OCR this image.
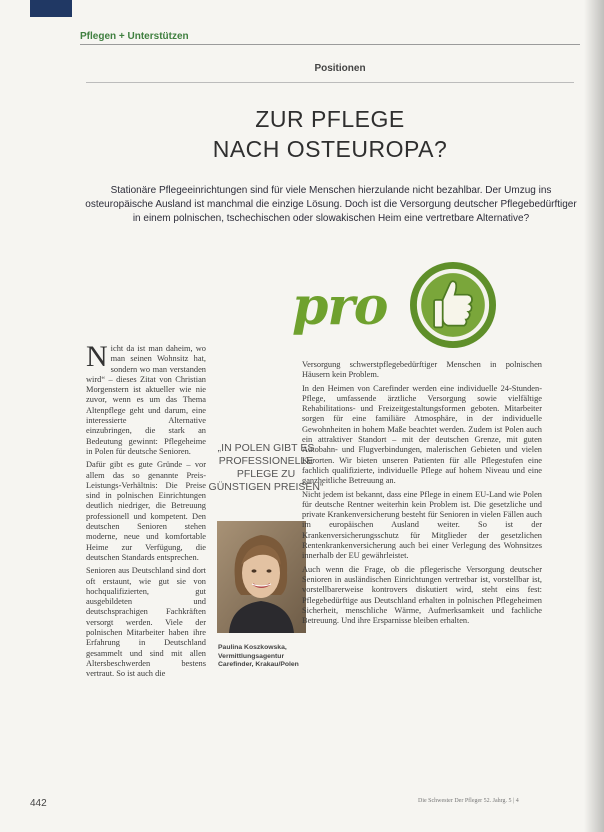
Pflegen + Unterstützen
Positionen
ZUR PFLEGE
NACH OSTEUROPA?
Stationäre Pflegeeinrichtungen sind für viele Menschen hierzulande nicht bezahlbar. Der Umzug ins osteuropäische Ausland ist manchmal die einzige Lösung. Doch ist die Versorgung deutscher Pflegebedürftiger in einem polnischen, tschechischen oder slowakischen Heim eine vertretbare Alternative?
pro

Nicht da ist man daheim, wo man seinen Wohnsitz hat, sondern wo man verstanden wird“ – dieses Zitat von Christian Morgenstern ist aktueller wie nie zuvor, wenn es um das Thema Altenpflege geht und darum, eine interessierte Alternative einzubringen, die stark an Bedeutung gewinnt: Pflegeheime in Polen für deutsche Senioren.

Dafür gibt es gute Gründe – vor allem das so genannte Preis-Leistungs-Verhältnis: Die Preise sind in polnischen Einrichtungen deutlich niedriger, die Betreuung professionell und kompetent. Den deutschen Senioren stehen moderne, neue und komfortable Heime zur Verfügung, die deutschen Standards entsprechen.

Senioren aus Deutschland sind dort oft erstaunt, wie gut sie von hochqualifizierten, gut ausgebildeten und deutschsprachigen Fachkräften versorgt werden. Viele der polnischen Mitarbeiter haben ihre Erfahrung in Deutschland gesammelt und sind mit allen Altersbeschwerden bestens vertraut. So ist auch die

„IN POLEN GIBT ES
PROFESSIONELLE
PFLEGE ZU
GÜNSTIGEN PREISEN“
Paulina Koszkowska,
Vermittlungsagentur
Carefinder, Krakau/Polen

Versorgung schwerstpflegebedürftiger Menschen in polnischen Häusern kein Problem.

In den Heimen von Carefinder werden eine individuelle 24-Stunden-Pflege, umfassende ärztliche Versorgung sowie vielfältige Rehabilitations- und Freizeitgestaltungsformen geboten. Mitarbeiter sorgen für eine familiäre Atmosphäre, in der individuelle Gewohnheiten in hohem Maße beachtet werden. Zudem ist Polen auch ein attraktiver Standort – mit der deutschen Grenze, mit guten Autobahn- und Flugverbindungen, malerischen Gebieten und vielen Kurorten. Wir bieten unseren Patienten für alle Pflegestufen eine fachlich qualifizierte, individuelle Pflege auf hohem Niveau und eine ganzheitliche Betreuung an.

Nicht jedem ist bekannt, dass eine Pflege in einem EU-Land wie Polen für deutsche Rentner weiterhin kein Problem ist. Die gesetzliche und private Krankenversicherung besteht für Senioren in vielen Fällen auch im europäischen Ausland weiter. So ist der Krankenversicherungsschutz für Mitglieder der gesetzlichen Rentenkrankenversicherung auch bei einer Verlegung des Wohnsitzes innerhalb der EU gewährleistet.

Auch wenn die Frage, ob die pflegerische Versorgung deutscher Senioren in ausländischen Einrichtungen vertretbar ist, vorstellbar ist, vorstellbarerweise kontrovers diskutiert wird, steht eins fest: Pflegebedürftige aus Deutschland erhalten in polnischen Pflegeheimen Sicherheit, menschliche Wärme, Aufmerksamkeit und fachliche Betreuung. Und ihre Ersparnisse bleiben erhalten.

442	Die Schwester Der Pfleger 52. Jahrg. 5 | 4
